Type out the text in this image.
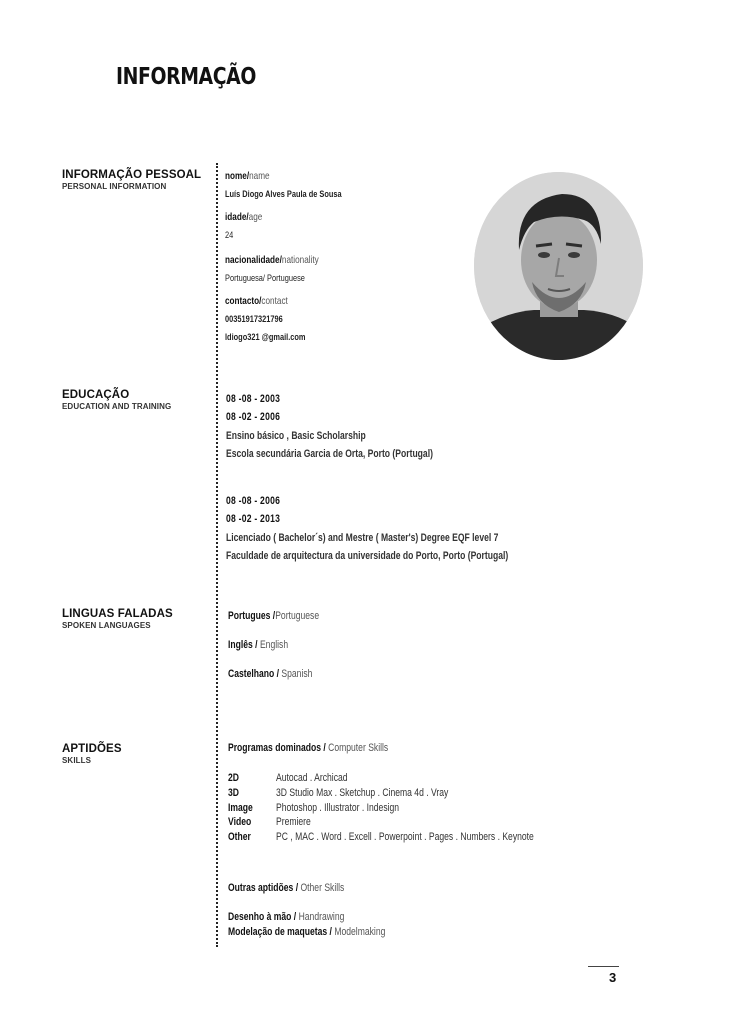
INFORMAÇÃO
INFORMAÇÃO PESSOAL
PERSONAL INFORMATION
EDUCAÇÃO
EDUCATION AND TRAINING
LINGUAS FALADAS
SPOKEN LANGUAGES
APTIDÕES
SKILLS
nome/name
Luís Diogo Alves Paula de Sousa
idade/age
24
nacionalidade/nationality
Portuguesa/ Portuguese
contacto/contact
00351917321796
ldiogo321 @gmail.com
08 -08 - 2003
08 -02 - 2006
Ensino básico , Basic Scholarship
Escola secundária Garcia de Orta, Porto (Portugal)
08 -08 - 2006
08 -02 - 2013
Licenciado ( Bachelor´s) and Mestre ( Master's) Degree EQF level 7
Faculdade de arquitectura da universidade do Porto, Porto (Portugal)
Portugues /Portuguese
Inglês / English
Castelhano / Spanish
Programas dominados / Computer Skills
2D	Autocad . Archicad
3D	3D Studio Max . Sketchup . Cinema 4d . Vray
Image Photoshop . Illustrator . Indesign
Video Premiere
Other PC , MAC . Word . Excell . Powerpoint . Pages . Numbers . Keynote
Outras aptidões / Other Skills
Desenho à mão / Handrawing
Modelação de maquetas / Modelmaking
3
